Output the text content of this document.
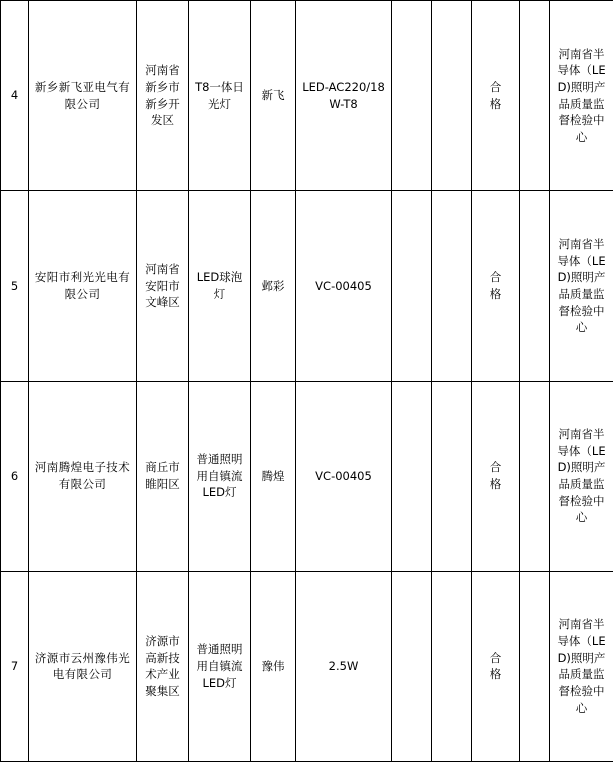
4	新乡新飞亚电气有限公司	河南省新乡市新乡开发区	T8一体日光灯	新飞	LED-AC220/18W-T8			合格		河南省半导体（LED)照明产品质量监督检验中心

5	安阳市利光光电有限公司	河南省安阳市文峰区	LED球泡灯	邺彩	VC-00405			合格		河南省半导体（LED)照明产品质量监督检验中心

6	河南腾煌电子技术有限公司	商丘市睢阳区	普通照明用自镇流LED灯	腾煌	VC-00405			合格		河南省半导体（LED)照明产品质量监督检验中心

7	济源市云州豫伟光电有限公司	济源市高新技术产业聚集区	普通照明用自镇流LED灯	豫伟	2.5W			合格		河南省半导体（LED)照明产品质量监督检验中心
